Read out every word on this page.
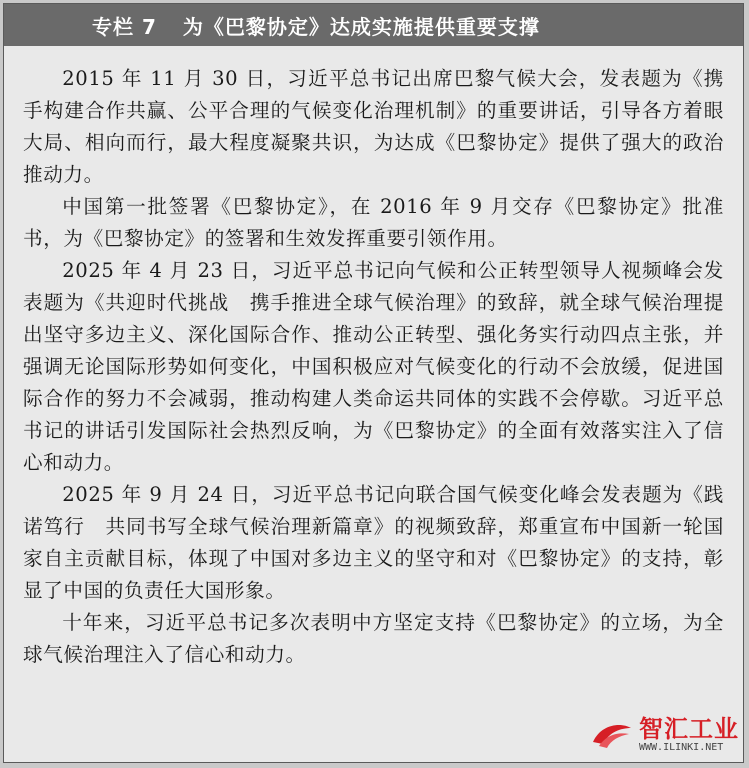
专栏 7 为《巴黎协定》达成实施提供重要支撑

2015 年 11 月 30 日，习近平总书记出席巴黎气候大会，发表题为《携手构建合作共赢、公平合理的气候变化治理机制》的重要讲话，引导各方着眼大局、相向而行，最大程度凝聚共识，为达成《巴黎协定》提供了强大的政治推动力。

中国第一批签署《巴黎协定》，在 2016 年 9 月交存《巴黎协定》批准书，为《巴黎协定》的签署和生效发挥重要引领作用。

2025 年 4 月 23 日，习近平总书记向气候和公正转型领导人视频峰会发表题为《共迎时代挑战　携手推进全球气候治理》的致辞，就全球气候治理提出坚守多边主义、深化国际合作、推动公正转型、强化务实行动四点主张，并强调无论国际形势如何变化，中国积极应对气候变化的行动不会放缓，促进国际合作的努力不会减弱，推动构建人类命运共同体的实践不会停歇。习近平总书记的讲话引发国际社会热烈反响，为《巴黎协定》的全面有效落实注入了信心和动力。

2025 年 9 月 24 日，习近平总书记向联合国气候变化峰会发表题为《践诺笃行　共同书写全球气候治理新篇章》的视频致辞，郑重宣布中国新一轮国家自主贡献目标，体现了中国对多边主义的坚守和对《巴黎协定》的支持，彰显了中国的负责任大国形象。

十年来，习近平总书记多次表明中方坚定支持《巴黎协定》的立场，为全球气候治理注入了信心和动力。

智汇工业
WWW.ILINKI.NET
